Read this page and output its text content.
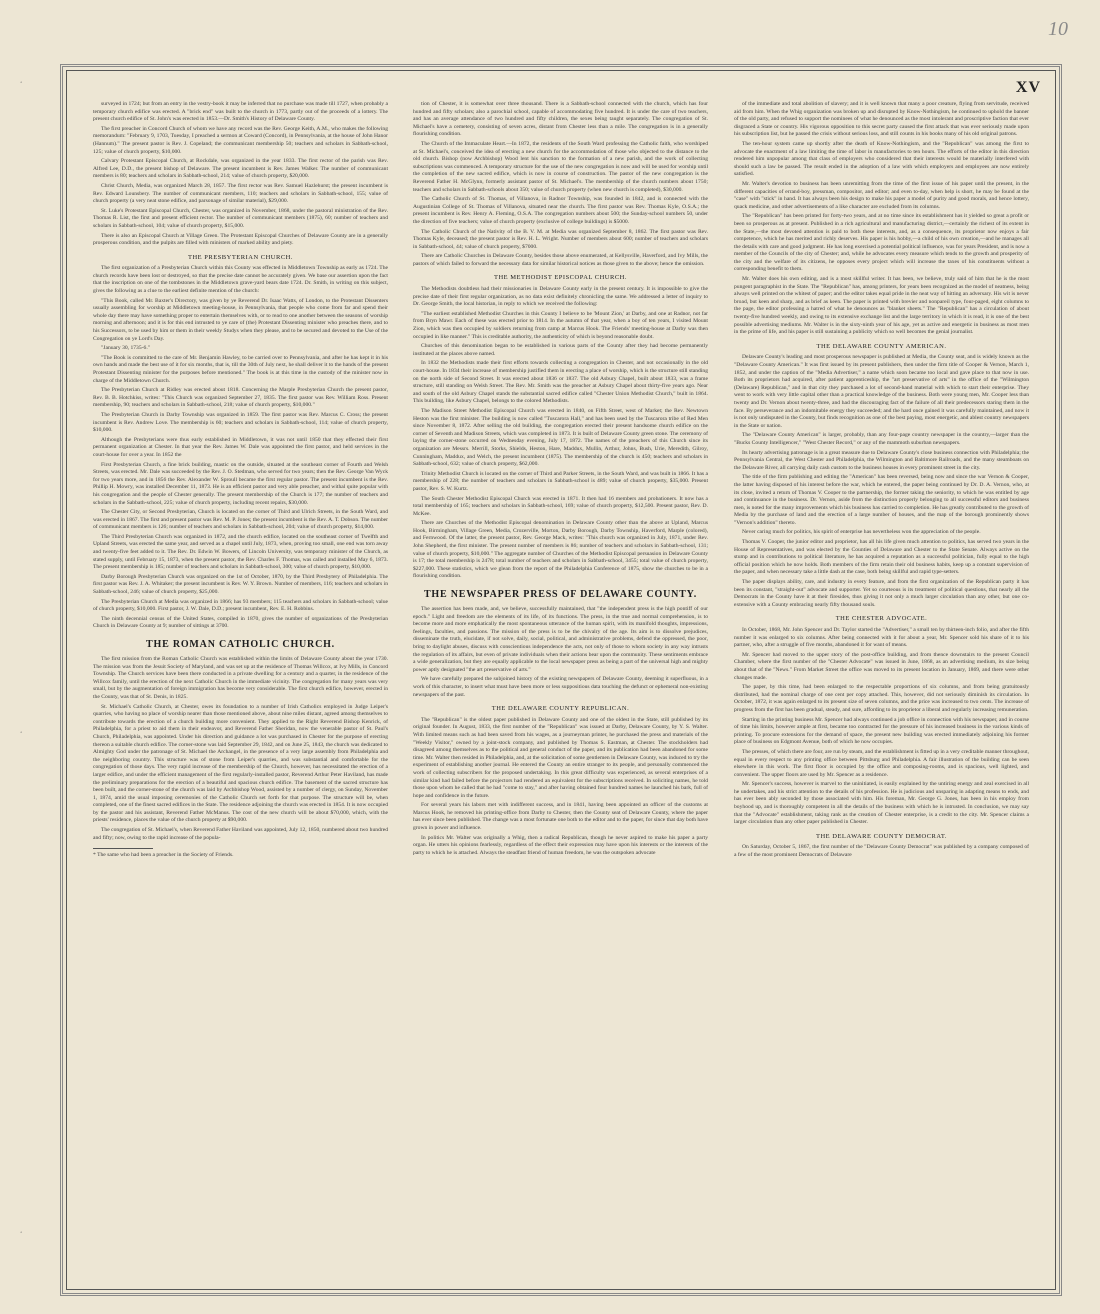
10
‘
‘
‘
XV

surveyed in 1724; but from an entry in the vestry-book it may be inferred that no purchase was made till 1727, when probably a temporary church edifice was erected. A "brick end" was built to the church in 1773, partly out of the proceeds of a lottery. The present church edifice of St. John's was erected in 1853.—Dr. Smith's History of Delaware County.

The first preacher in Concord Church of whom we have any record was the Rev. George Keith, A.M., who makes the following memorandum: "February 9, 1703, Tuesday, I preached a sermon at Coward (Concord), in Pennsylvania, at the house of John Hanor (Hannum)." The present pastor is Rev. J. Copeland; the communicant membership 50; teachers and scholars in Sabbath-school, 125; value of church property, $10,000.

Calvary Protestant Episcopal Church, at Rockdale, was organized in the year 1833. The first rector of the parish was Rev. Alfred Lee, D.D., the present bishop of Delaware. The present incumbent is Rev. James Walker. The number of communicant members is 80; teachers and scholars in Sabbath-school, 214; value of church property, $20,000.

Christ Church, Media, was organized March 28, 1857. The first rector was Rev. Samuel Hazlehurst; the present incumbent is Rev. Edward Lounsbery. The number of communicant members, 110; teachers and scholars in Sabbath-school, 155; value of church property (a very neat stone edifice, and parsonage of similar material), $29,000.

St. Luke's Protestant Episcopal Church, Chester, was organized in November, 1868, under the pastoral ministration of the Rev. Thomas R. List, the first and present efficient rector. The number of communicant members (1875), 60; number of teachers and scholars in Sabbath-school, 104; value of church property, $15,000.

There is also an Episcopal Church at Village Green. The Protestant Episcopal Churches of Delaware County are in a generally prosperous condition, and the pulpits are filled with ministers of marked ability and piety.

THE PRESBYTERIAN CHURCH.

The first organization of a Presbyterian Church within this County was effected in Middletown Township as early as 1724. The church records have been lost or destroyed, so that the precise date cannot be accurately given. We base our assertion upon the fact that the inscription on one of the tombstones in the Middletown grave-yard bears date 1724. Dr. Smith, in writing on this subject, gives the following as a clue to the earliest definite mention of the church:

"This Book, called Mr. Baxter's Directory, was given by ye Reverend Dr. Isaac Watts, of London, to the Protestant Dissenters usually assembling for worship at Middletown meeting-house, in Pennsylvania, that people who come from far and spend their whole day there may have something proper to entertain themselves with, or to read to one another between the seasons of worship morning and afternoon; and it is for this end intrusted to ye care of (the) Protestant Dissenting minister who preaches there, and to his Successors, to be used by him or them in their weekly Studys when they please, and to be secured and devoted to the Use of the Congregation on ye Lord's Day.

"January 30, 1735-6."

"The Book is committed to the care of Mr. Benjamin Hawley, to be carried over to Pennsylvania, and after he has kept it in his own hands and made the best use of it for six months, that is, till the 30th of July next, he shall deliver it to the hands of the present Protestant Dissenting minister for the purposes before mentioned." The book is at this time in the custody of the minister now in charge of the Middletown Church.

The Presbyterian Church at Ridley was erected about 1818. Concerning the Marple Presbyterian Church the present pastor, Rev. B. B. Hotchkiss, writes: "This Church was organized September 27, 1835. The first pastor was Rev. William Ross. Present membership, 90; teachers and scholars in Sabbath-school, 218; value of church property, $10,000."

The Presbyterian Church in Darby Township was organized in 1859. The first pastor was Rev. Marcus C. Cross; the present incumbent is Rev. Andrew Love. The membership is 60; teachers and scholars in Sabbath-school, 114; value of church property, $10,000.

Although the Presbyterians were thus early established in Middletown, it was not until 1850 that they effected their first permanent organization at Chester. In that year the Rev. James W. Dale was appointed the first pastor, and held services in the court-house for over a year. In 1852 the

First Presbyterian Church, a fine brick building, mastic on the outside, situated at the southeast corner of Fourth and Welsh Streets, was erected. Mr. Dale was succeeded by the Rev. J. O. Stedman, who served for two years; then the Rev. George Van Wyck for two years more, and in 1856 the Rev. Alexander W. Sproull became the first regular pastor. The present incumbent is the Rev. Phillip H. Mowry, was installed December 11, 1873. He is an efficient pastor and very able preacher, and withal quite popular with his congregation and the people of Chester generally. The present membership of the Church is 177; the number of teachers and scholars in the Sabbath-school, 225; value of church property, including recent repairs, $30,000.

The Chester City, or Second Presbyterian, Church is located on the corner of Third and Ulrich Streets, in the South Ward, and was erected in 1867. The first and present pastor was Rev. M. P. Jones; the present incumbent is the Rev. A. T. Dobson. The number of communicant members is 126; number of teachers and scholars in Sabbath-school, 204; value of church property, $14,000.

The Third Presbyterian Church was organized in 1872, and the church edifice, located on the southeast corner of Twelfth and Upland Streets, was erected the same year, and served as a chapel until July, 1873, when, proving too small, one end was torn away and twenty-five feet added to it. The Rev. Dr. Edwin W. Bowers, of Lincoln University, was temporary minister of the Church, as stated supply, until February 15, 1873, when the present pastor, the Rev. Charles F. Thomas, was called and installed May 6, 1873. The present membership is 185; number of teachers and scholars in Sabbath-school, 300; value of church property, $10,000.

Darby Borough Presbyterian Church was organized on the 1st of October, 1870, by the Third Presbytery of Philadelphia. The first pastor was Rev. J. A. Whitaker; the present incumbent is Rev. W. Y. Brown. Number of members, 116; teachers and scholars in Sabbath-school, 246; value of church property, $25,000.

The Presbyterian Church at Media was organized in 1866; has 93 members; 115 teachers and scholars in Sabbath-school; value of church property, $10,000. First pastor, J. W. Dale, D.D.; present incumbent, Rev. E. H. Robbins.

The ninth decennial census of the United States, compiled in 1870, gives the number of organizations of the Presbyterian Church in Delaware County at 9; number of sittings at 3700.

THE ROMAN CATHOLIC CHURCH.

The first mission from the Roman Catholic Church was established within the limits of Delaware County about the year 1730. The mission was from the Jesuit Society of Maryland, and was set up at the residence of Thomas Willcox, at Ivy Mills, in Concord Township. The Church services have been there conducted in a private dwelling for a century and a quarter, in the residence of the Willcox family, until the erection of the next Catholic Church in the immediate vicinity. The congregation for many years was very small, but by the augmentation of foreign immigration has become very considerable. The first church edifice, however, erected in the County, was that of St. Denis, in 1825.

St. Michael's Catholic Church, at Chester, owes its foundation to a number of Irish Catholics employed in Judge Leiper's quarries, who having no place of worship nearer than those mentioned above, about nine miles distant, agreed among themselves to contribute towards the erection of a church building more convenient. They applied to the Right Reverend Bishop Kenrick, of Philadelphia, for a priest to aid them in their endeavor, and Reverend Father Sheridan, now the venerable pastor of St. Paul's Church, Philadelphia, was appointed. Under his direction and guidance a lot was purchased in Chester for the purpose of erecting thereon a suitable church edifice. The corner-stone was laid September 29, 1842, and on June 25, 1843, the church was dedicated to Almighty God under the patronage of St. Michael the Archangel, in the presence of a very large assembly from Philadelphia and the neighboring country. This structure was of stone from Leiper's quarries, and was substantial and comfortable for the congregation of those days. The very rapid increase of the membership of the Church, however, has necessitated the erection of a larger edifice, and under the efficient management of the first regularly-installed pastor, Reverend Arthur Peter Haviland, has made the preliminary preparations for the erection of a beautiful and spacious church edifice. The basement of the sacred structure has been built, and the corner-stone of the church was laid by Archbishop Wood, assisted by a number of clergy, on Sunday, November 1, 1874, amid the usual imposing ceremonies of the Catholic Church set forth for that purpose. The structure will be, when completed, one of the finest sacred edifices in the State. The residence adjoining the church was erected in 1854. It is now occupied by the pastor and his assistant, Reverend Father McManus. The cost of the new church will be about $70,000, which, with the priests' residence, places the value of the church property at $90,000.

The congregation of St. Michael's, when Reverend Father Haviland was appointed, July 12, 1850, numbered about two hundred and fifty; now, owing to the rapid increase of the popula-

* The same who had been a preacher in the Society of Friends.

tion of Chester, it is somewhat over three thousand. There is a Sabbath-school connected with the church, which has four hundred and fifty scholars; also a parochial school, capable of accommodating five hundred. It is under the care of two teachers, and has an average attendance of two hundred and fifty children, the sexes being taught separately. The congregation of St. Michael's have a cemetery, consisting of seven acres, distant from Chester less than a mile. The congregation is in a generally flourishing condition.

The Church of the Immaculate Heart.—In 1872, the residents of the South Ward professing the Catholic faith, who worshiped at St. Michael's, conceived the idea of erecting a new church for the accommodation of those who objected to the distance to the old church. Bishop (now Archbishop) Wood lent his sanction to the formation of a new parish, and the work of collecting subscriptions was commenced. A temporary structure for the use of the new congregation is now and will be used for worship until the completion of the new sacred edifice, which is now in course of construction. The pastor of the new congregation is the Reverend Father H. McGlynn, formerly assistant pastor of St. Michael's. The membership of the church numbers about 1750; teachers and scholars in Sabbath-schools about 350; value of church property (when new church is completed), $30,000.

The Catholic Church of St. Thomas, of Villanova, in Radnor Township, was founded in 1842, and is connected with the Augustinian College of St. Thomas of Villanova, situated near the church. The first pastor was Rev. Thomas Kyle, O.S.A.; the present incumbent is Rev. Henry A. Fleming, O.S.A. The congregation numbers about 500; the Sunday-school numbers 50, under the direction of five teachers; value of church property (exclusive of college buildings) is $5000.

The Catholic Church of the Nativity of the B. V. M. at Media was organized September 8, 1862. The first pastor was Rev. Thomas Kyle, deceased; the present pastor is Rev. H. L. Wright. Number of members about 600; number of teachers and scholars in Sabbath-school, 44; value of church property, $7000.

There are Catholic Churches in Delaware County, besides those above enumerated, at Kellysville, Haverford, and Ivy Mills, the pastors of which failed to forward the necessary data for similar historical notices as those given to the above; hence the omission.

THE METHODIST EPISCOPAL CHURCH.

The Methodists doubtless had their missionaries in Delaware County early in the present century. It is impossible to give the precise date of their first regular organization, as no data exist definitely chronicling the same. We addressed a letter of inquiry to Dr. George Smith, the local historian, in reply to which we received the following:

"The earliest established Methodist Churches in this County I believe to be 'Mount Zion,' at Darby, and one at Radnor, not far from Bryn Mawr. Each of these was erected prior to 1814. In the autumn of that year, when a boy of ten years, I visited Mount Zion, which was then occupied by soldiers returning from camp at Marcus Hook. The Friends' meeting-house at Darby was then occupied in like manner." This is creditable authority, the authenticity of which is beyond reasonable doubt.

Churches of this denomination began to be established in various parts of the County after they had become permanently instituted at the places above named.

In 1832 the Methodists made their first efforts towards collecting a congregation in Chester, and not occasionally in the old court-house. In 1834 their increase of membership justified them in erecting a place of worship, which is the structure still standing on the north side of Second Street. It was erected about 1836 or 1837. The old Asbury Chapel, built about 1833, was a frame structure, still standing on Welsh Street. The Rev. Mr. Smith was the preacher at Asbury Chapel about thirty-five years ago. Near and south of the old Asbury Chapel stands the substantial sacred edifice called "Chester Union Methodist Church," built in 1864. This building, like Asbury Chapel, belongs to the colored Methodists.

The Madison Street Methodist Episcopal Church was erected in 1840, on Fifth Street, west of Market; the Rev. Newtown Heston was the first minister. The building is now called "Tuscarora Hall," and has been used by the Tuscarora tribe of Red Men since November 8, 1872. After selling the old building, the congregation erected their present handsome church edifice on the corner of Seventh and Madison Streets, which was completed in 1873. It is built of Delaware County green stone. The ceremony of laying the corner-stone occurred on Wednesday evening, July 17, 1872. The names of the preachers of this Church since its organization are Messrs. Merrill, Storks, Shields, Heston, Hare, Maddux, Mullin, Arthur, Johns, Bush, Urie, Meredith, Gilroy, Cunningham, Maddux, and Welch, the present incumbent (1875). The membership of the church is 450; teachers and scholars in Sabbath-school, 632; value of church property, $62,000.

Trinity Methodist Church is located on the corner of Third and Parker Streets, in the South Ward, and was built in 1866. It has a membership of 228; the number of teachers and scholars in Sabbath-school is 489; value of church property, $35,000. Present pastor, Rev. S. W. Kurtz.

The South Chester Methodist Episcopal Church was erected in 1871. It then had 16 members and probationers. It now has a total membership of 165; teachers and scholars in Sabbath-school, 169; value of church property, $12,500. Present pastor, Rev. D. McKee.

There are Churches of the Methodist Episcopal denomination in Delaware County other than the above at Upland, Marcus Hook, Birmingham, Village Green, Media, Crozerville, Morton, Darby Borough, Darby Township, Haverford, Marple (colored), and Fernwood. Of the latter, the present pastor, Rev. George Mack, writes: "This church was organized in July, 1871, under Rev. John Shepherd, the first minister. The present number of members is 86; number of teachers and scholars in Sabbath-school, 131; value of church property, $10,000." The aggregate number of Churches of the Methodist Episcopal persuasion in Delaware County is 17; the total membership is 2478; total number of teachers and scholars in Sabbath-school, 3455; total value of church property, $227,000. These statistics, which we glean from the report of the Philadelphia Conference of 1875, show the churches to be in a flourishing condition.

THE NEWSPAPER PRESS OF DELAWARE COUNTY.

The assertion has been made, and, we believe, successfully maintained, that "the independent press is the high pontiff of our epoch." Light and freedom are the elements of its life, of its functions. The press, in the true and normal comprehension, is to become more and more emphatically the most spontaneous utterance of the human spirit, with its manifold thoughts, impressions, feelings, faculties, and passions. The mission of the press is to be the chivalry of the age. Its aim is to dissolve prejudices, disseminate the truth, elucidate, if not solve, daily, social, political, and administrative problems, defend the oppressed, the poor, bring to daylight abuses, discuss with conscientious independence the acts, not only of those to whom society in any way intrusts the regulation of its affairs, but even of private individuals when their actions bear upon the community. These sentiments embrace a wide generalization, but they are equally applicable to the local newspaper press as being a part of the universal high and mighty power aptly designated "the art preservative of arts."

We have carefully prepared the subjoined history of the existing newspapers of Delaware County, deeming it superfluous, in a work of this character, to insert what must have been more or less suppositious data touching the defunct or ephemeral non-existing newspapers of the past.

THE DELAWARE COUNTY REPUBLICAN.

The "Republican" is the oldest paper published in Delaware County and one of the oldest in the State, still published by its original founder. In August, 1833, the first number of the "Republican" was issued at Darby, Delaware County, by Y. S. Walter. With limited means such as had been saved from his wages, as a journeyman printer, he purchased the press and materials of the "Weekly Visitor," owned by a joint-stock company, and published by Thomas S. Eastman, at Chester. The stockholders had disagreed among themselves as to the political and general conduct of the paper, and its publication had been abandoned for some time. Mr. Walter then resided in Philadelphia, and, at the solicitation of some gentlemen in Delaware County, was induced to try the experiment of establishing another journal. He entered the County an entire stranger to its people, and personally commenced the work of collecting subscribers for the proposed undertaking. In this great difficulty was experienced, as several enterprises of a similar kind had failed before the projectors had rendered an equivalent for the subscriptions received. In soliciting names, he told those upon whom he called that he had "come to stay," and after having obtained four hundred names he launched his bark, full of hope and confidence in the future.

For several years his labors met with indifferent success, and in 1841, having been appointed an officer of the customs at Marcus Hook, he removed his printing-office from Darby to Chester, then the County seat of Delaware County, where the paper has ever since been published. The change was a most fortunate one both to the editor and to the paper, for since that day both have grown in power and influence.

In politics Mr. Walter was originally a Whig, then a radical Republican, though he never aspired to make his paper a party organ. He utters his opinions fearlessly, regardless of the effect their expression may have upon his interests or the interests of the party to which he is attached. Always the steadfast friend of human freedom, he was the outspoken advocate

of the immediate and total abolition of slavery; and it is well known that many a poor creature, flying from servitude, received aid from him. When the Whig organization was broken up and disrupted by Know-Nothingism, he continued to uphold the banner of the old party, and refused to support the nominees of what he denounced as the most intolerant and proscriptive faction that ever disgraced a State or country. His vigorous opposition to this secret party caused the first attack that was ever seriously made upon his subscription list, but he passed the crisis without serious loss, and still counts in his books many of his old original patrons.

The ten-hour system came up shortly after the death of Know-Nothingism, and the "Republican" was among the first to advocate the enactment of a law limiting the time of labor in manufactories to ten hours. The efforts of the editor in this direction rendered him unpopular among that class of employers who considered that their interests would be materially interfered with should such a law be passed. The result ended in the adoption of a law with which employers and employees are now entirely satisfied.

Mr. Walter's devotion to business has been unremitting from the time of the first issue of his paper until the present, in the different capacities of errand-boy, pressman, compositor, and editor; and even to-day, when help is short, he may be found at the "case" with "stick" in hand. It has always been his design to make his paper a model of purity and good morals, and hence lottery, quack medicine, and other advertisements of a like character are excluded from its columns.

The "Republican" has been printed for forty-two years, and at no time since its establishment has it yielded so great a profit or been so prosperous as at present. Published in a rich agricultural and manufacturing district,—certainly the richest of its extent in the State,—the most devoted attention is paid to both these interests, and, as a consequence, its proprietor now enjoys a fair competence, which he has merited and richly deserves. His paper is his hobby,—a child of his own creation,—and he manages all the details with care and good judgment. He has long exercised a potential political influence, was for years President, and is now a member of the Councils of the city of Chester; and, while he advocates every measure which tends to the growth and prosperity of the city and the welfare of its citizens, he opposes every project which will increase the taxes of his constituents without a corresponding benefit to them.

Mr. Walter does his own editing, and is a most skillful writer. It has been, we believe, truly said of him that he is the most pungent paragraphist in the State. The "Republican" has, among printers, for years been recognized as the model of neatness, being always well printed on the whitest of paper; and the editor takes equal pride in the neat way of hitting an adversary. His wit is never broad, but keen and sharp, and as brief as keen. The paper is printed with brevier and nonpareil type, four-paged, eight columns to the page, the editor professing a hatred of what he denounces as "blanket sheets." The "Republican" has a circulation of about twenty-five hundred weekly, and owing to its extensive exchange list and the large territory in which it is read, it is one of the best possible advertising mediums. Mr. Walter is in the sixty-ninth year of his age, yet as active and energetic in business as most men in the prime of life, and his paper is still sustaining a publicity which so well becomes the genial journalist.

THE DELAWARE COUNTY AMERICAN.

Delaware County's leading and most prosperous newspaper is published at Media, the County seat, and is widely known as the "Delaware County American." It was first issued by its present publishers, then under the firm title of Cooper & Vernon, March 1, 1852, and under the caption of the "Media Advertiser," a name which soon became too local and gave place to that now in use. Both its proprietors had acquired, after patient apprenticeship, the "art preservative of arts" in the office of the "Wilmington (Delaware) Republican," and in that city they purchased a lot of second-hand material with which to start their enterprise. They went to work with very little capital other than a practical knowledge of the business. Both were young men, Mr. Cooper less than twenty and Dr. Vernon about twenty-three, and had the discouraging fact of the failure of all their predecessors staring them in the face. By perseverance and an indomitable energy they succeeded; and the hard once gained it was carefully maintained, and now it is not only undisputed in the County, but finds recognition as one of the best paying, most energetic, and ablest country newspapers in the State or nation.

The "Delaware County American" is larger, probably, than any four-page country newspaper in the country,—larger than the "Bucks County Intelligencer," "West Chester Record," or any of the mammoth suburban newspapers.

Its hearty advertising patronage is in a great measure due to Delaware County's close business connection with Philadelphia; the Pennsylvania Central, the West Chester and Philadelphia, the Wilmington and Baltimore Railroads, and the many steamboats on the Delaware River, all carrying daily cash custom to the business houses in every prominent street in the city.

The title of the firm publishing and editing the "American" has been reversed, being now and since the war Vernon & Cooper, the latter having disposed of his interest before the war, which he entered, the paper being continued by Dr. D. A. Vernon, who, at its close, invited a return of Thomas V. Cooper to the partnership, the former taking the seniority, to which he was entitled by age and continuance in the business. Dr. Vernon, aside from the distinction properly belonging to all successful editors and business men, is noted for the many improvements which his business has carried to completion. He has greatly contributed to the growth of Media by the purchase of land and the erection of a large number of houses, and the map of the borough prominently shows "Vernon's addition" thereto.

Never caring much for politics, his spirit of enterprise has nevertheless won the appreciation of the people.

Thomas V. Cooper, the junior editor and proprietor, has all his life given much attention to politics, has served two years in the House of Representatives, and was elected by the Counties of Delaware and Chester to the State Senate. Always active on the stump and in contributions to political literature, he has acquired a reputation as a successful politician, fully equal to the high official position which he now holds. Both members of the firm retain their old business habits, keep up a constant supervision of the paper, and when necessary take a little dash at the case, both being skillful and rapid type-setters.

The paper displays ability, care, and industry in every feature, and from the first organization of the Republican party it has been its constant, "straight-out" advocate and supporter. Yet so courteous is its treatment of political questions, that nearly all the Democrats in the County have it at their firesides, thus giving it not only a much larger circulation than any other, but one co-extensive with a County embracing nearly fifty thousand souls.

THE CHESTER ADVOCATE.

In October, 1868, Mr. John Spencer and Dr. Taylor started the "Advertiser," a small ten by thirteen-inch folio, and after the fifth number it was enlarged to six columns. After being connected with it for about a year, Mr. Spencer sold his share of it to his partner, who, after a struggle of five months, abandoned it for want of means.

Mr. Spencer had moved to the upper story of the post-office building, and from thence downstairs to the present Council Chamber, where the first number of the "Chester Advocate" was issued in June, 1868, as an advertising medium, its size being about that of the "News." From Market Street the office was moved to its present location in January, 1869, and there were other changes made.

The paper, by this time, had been enlarged to the respectable proportions of six columns, and from being gratuitously distributed, had the nominal charge of one cent per copy attached. This, however, did not seriously diminish its circulation. In October, 1872, it was again enlarged to its present size of seven columns, and the price was increased to two cents. The increase of progress from the first has been gradual, steady, and sure, affording to its proprietor a liberal and regularly increasing remuneration.

Starting in the printing business Mr. Spencer had always continued a job office in connection with his newspaper, and in course of time his limits, however ample at first, became too contracted for the pressure of his increased business in the various kinds of printing. To procure extensions for the demand of space, the present new building was erected immediately adjoining his former place of business on Edgmont Avenue, both of which he now occupies.

The presses, of which there are four, are run by steam, and the establishment is fitted up in a very creditable manner throughout, equal in every respect to any printing office between Pittsburg and Philadelphia. A fair illustration of the building can be seen elsewhere in this work. The first floor is occupied by the office and composing-rooms, and is spacious, well lighted, and convenient. The upper floors are used by Mr. Spencer as a residence.

Mr. Spencer's success, however is marvel to the uninitiated, is easily explained by the untiring energy and zeal exercised in all he undertakes, and his strict attention to the details of his profession. He is judicious and unsparing in adapting means to ends, and has ever been ably seconded by those associated with him. His foreman, Mr. George G. Jones, has been in his employ from boyhood up, and is thoroughly competent in all the details of the business with which he is intrusted. In conclusion, we may say that the "Advocate" establishment, taking rank as the creation of Chester enterprise, is a credit to the city. Mr. Spencer claims a larger circulation than any other paper published in Chester.

THE DELAWARE COUNTY DEMOCRAT.

On Saturday, October 5, 1867, the first number of the "Delaware County Democrat" was published by a company composed of a few of the most prominent Democrats of Delaware
